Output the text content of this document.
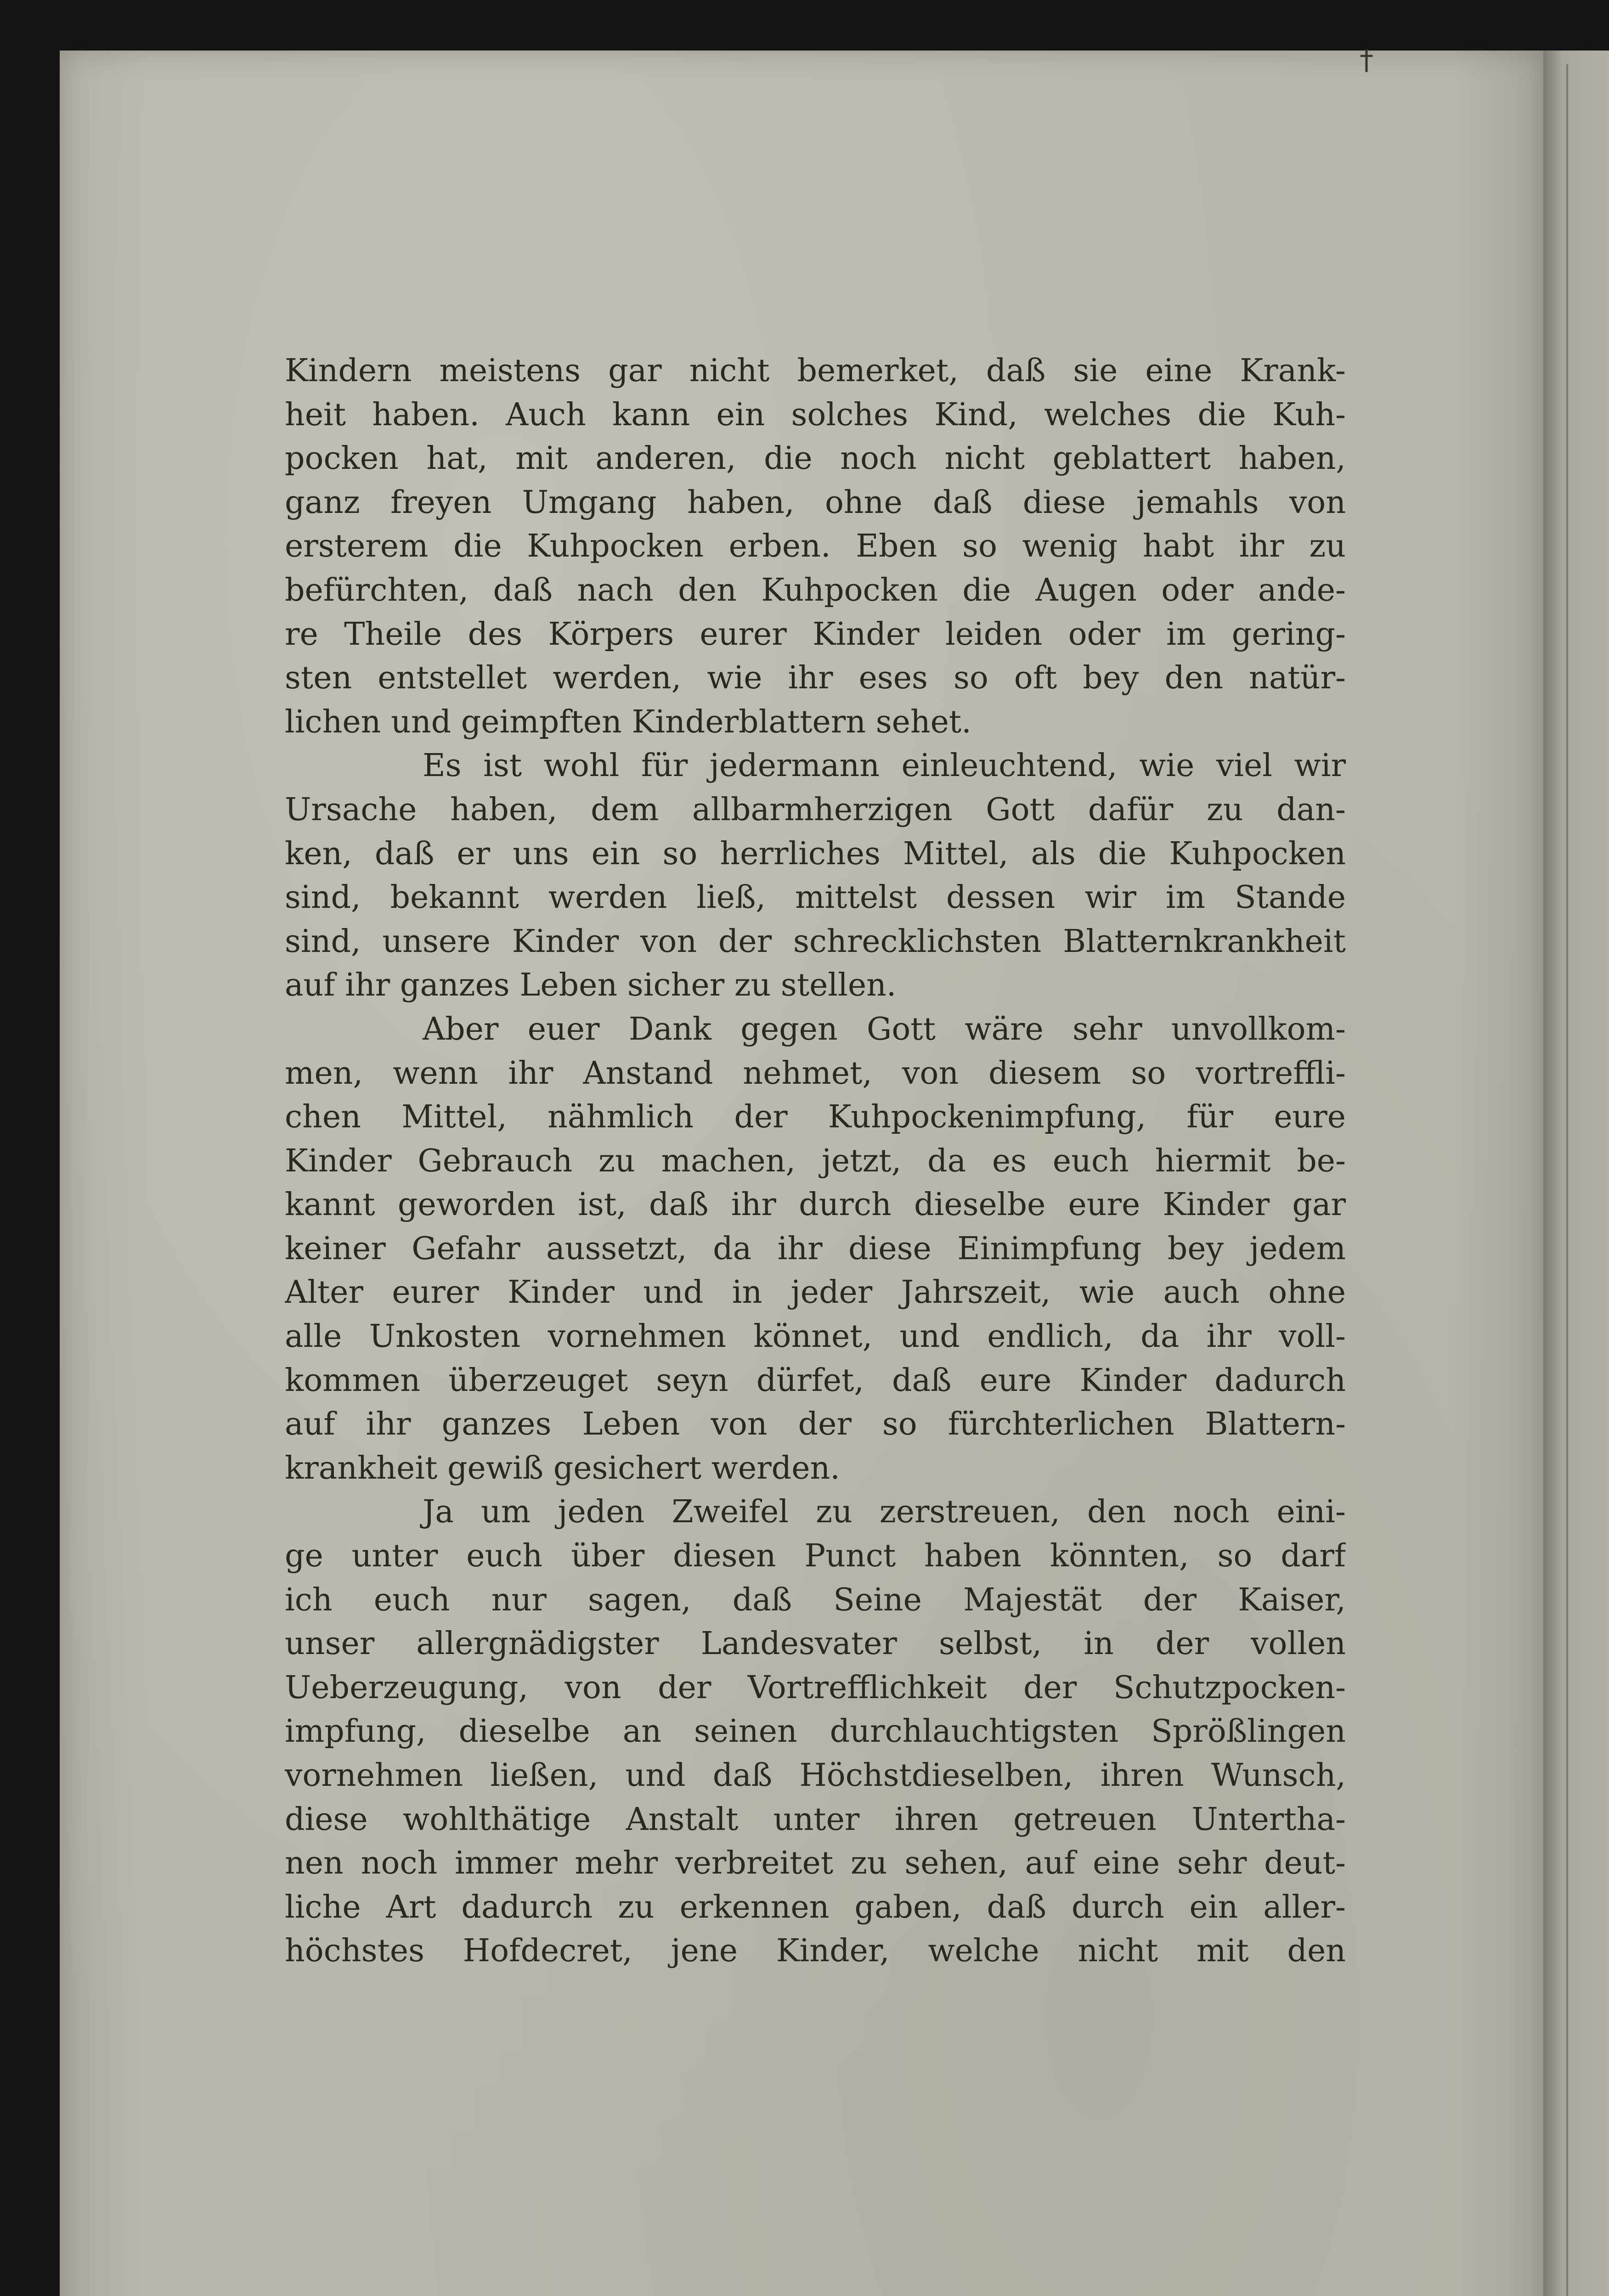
†
Kindern meistens gar nicht bemerket, daß sie eine Krank-
heit haben. Auch kann ein solches Kind, welches die Kuh-
pocken hat, mit anderen, die noch nicht geblattert haben,
ganz freyen Umgang haben, ohne daß diese jemahls von
ersterem die Kuhpocken erben. Eben so wenig habt ihr zu
befürchten, daß nach den Kuhpocken die Augen oder ande-
re Theile des Körpers eurer Kinder leiden oder im gering-
sten entstellet werden, wie ihr eses so oft bey den natür-
lichen und geimpften Kinderblattern sehet.
Es ist wohl für jedermann einleuchtend, wie viel wir
Ursache haben, dem allbarmherzigen Gott dafür zu dan-
ken, daß er uns ein so herrliches Mittel, als die Kuhpocken
sind, bekannt werden ließ, mittelst dessen wir im Stande
sind, unsere Kinder von der schrecklichsten Blatternkrankheit
auf ihr ganzes Leben sicher zu stellen.
Aber euer Dank gegen Gott wäre sehr unvollkom-
men, wenn ihr Anstand nehmet, von diesem so vortreffli-
chen Mittel, nähmlich der Kuhpockenimpfung, für eure
Kinder Gebrauch zu machen, jetzt, da es euch hiermit be-
kannt geworden ist, daß ihr durch dieselbe eure Kinder gar
keiner Gefahr aussetzt, da ihr diese Einimpfung bey jedem
Alter eurer Kinder und in jeder Jahrszeit, wie auch ohne
alle Unkosten vornehmen könnet, und endlich, da ihr voll-
kommen überzeuget seyn dürfet, daß eure Kinder dadurch
auf ihr ganzes Leben von der so fürchterlichen Blattern-
krankheit gewiß gesichert werden.
Ja um jeden Zweifel zu zerstreuen, den noch eini-
ge unter euch über diesen Punct haben könnten, so darf
ich euch nur sagen, daß Seine Majestät der Kaiser,
unser allergnädigster Landesvater selbst, in der vollen
Ueberzeugung, von der Vortrefflichkeit der Schutzpocken-
impfung, dieselbe an seinen durchlauchtigsten Sprößlingen
vornehmen ließen, und daß Höchstdieselben, ihren Wunsch,
diese wohlthätige Anstalt unter ihren getreuen Untertha-
nen noch immer mehr verbreitet zu sehen, auf eine sehr deut-
liche Art dadurch zu erkennen gaben, daß durch ein aller-
höchstes Hofdecret, jene Kinder, welche nicht mit den
